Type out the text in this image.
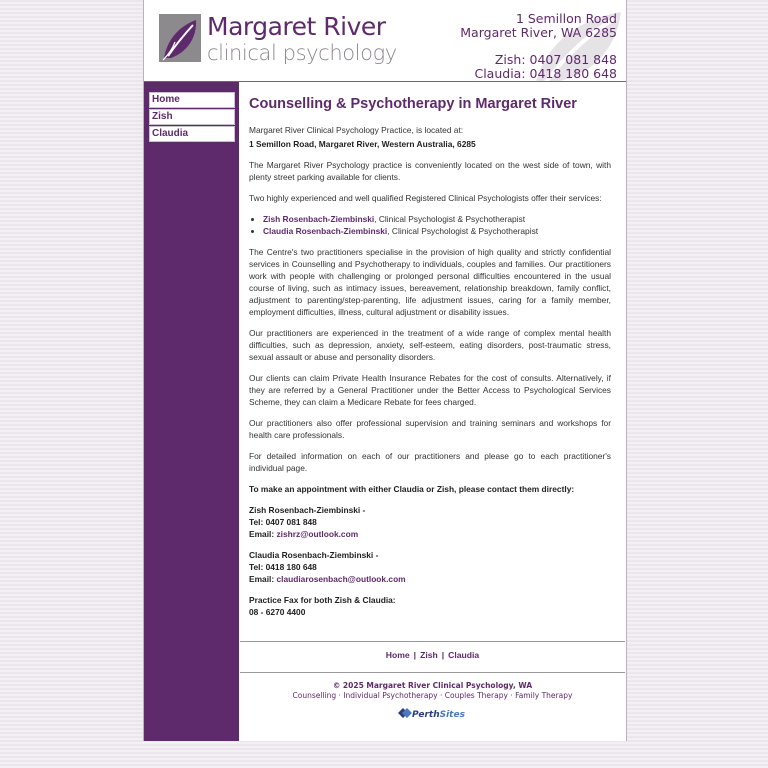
Margaret River
clinical psychology
1 Semillon Road
Margaret River, WA 6285
Zish: 0407 081 848
Claudia: 0418 180 648
Home
Zish
Claudia
Counselling & Psychotherapy in Margaret River

Margaret River Clinical Psychology Practice, is located at:

1 Semillon Road, Margaret River, Western Australia, 6285

The Margaret River Psychology practice is conveniently located on the west side of town, with plenty street parking available for clients.

Two highly experienced and well qualified Registered Clinical Psychologists offer their services:

• Zish Rosenbach-Ziembinski, Clinical Psychologist & Psychotherapist
• Claudia Rosenbach-Ziembinski, Clinical Psychologist & Psychotherapist

The Centre's two practitioners specialise in the provision of high quality and strictly confidential services in Counselling and Psychotherapy to individuals, couples and families. Our practitioners work with people with challenging or prolonged personal difficulties encountered in the usual course of living, such as intimacy issues, bereavement, relationship breakdown, family conflict, adjustment to parenting/step-parenting, life adjustment issues, caring for a family member, employment difficulties, illness, cultural adjustment or disability issues.

Our practitioners are experienced in the treatment of a wide range of complex mental health difficulties, such as depression, anxiety, self-esteem, eating disorders, post-traumatic stress, sexual assault or abuse and personality disorders.

Our clients can claim Private Health Insurance Rebates for the cost of consults. Alternatively, if they are referred by a General Practitioner under the Better Access to Psychological Services Scheme, they can claim a Medicare Rebate for fees charged.

Our practitioners also offer professional supervision and training seminars and workshops for health care professionals.

For detailed information on each of our practitioners and please go to each practitioner's individual page.

To make an appointment with either Claudia or Zish, please contact them directly:

Zish Rosenbach-Ziembinski -
Tel: 0407 081 848
Email: zishrz@outlook.com
Claudia Rosenbach-Ziembinski -
Tel: 0418 180 648
Email: claudiarosenbach@outlook.com
Practice Fax for both Zish & Claudia:
08 - 6270 4400
Home | Zish | Claudia
© 2025 Margaret River Clinical Psychology, WA
Counselling · Individual Psychotherapy · Couples Therapy · Family Therapy
PerthSites
